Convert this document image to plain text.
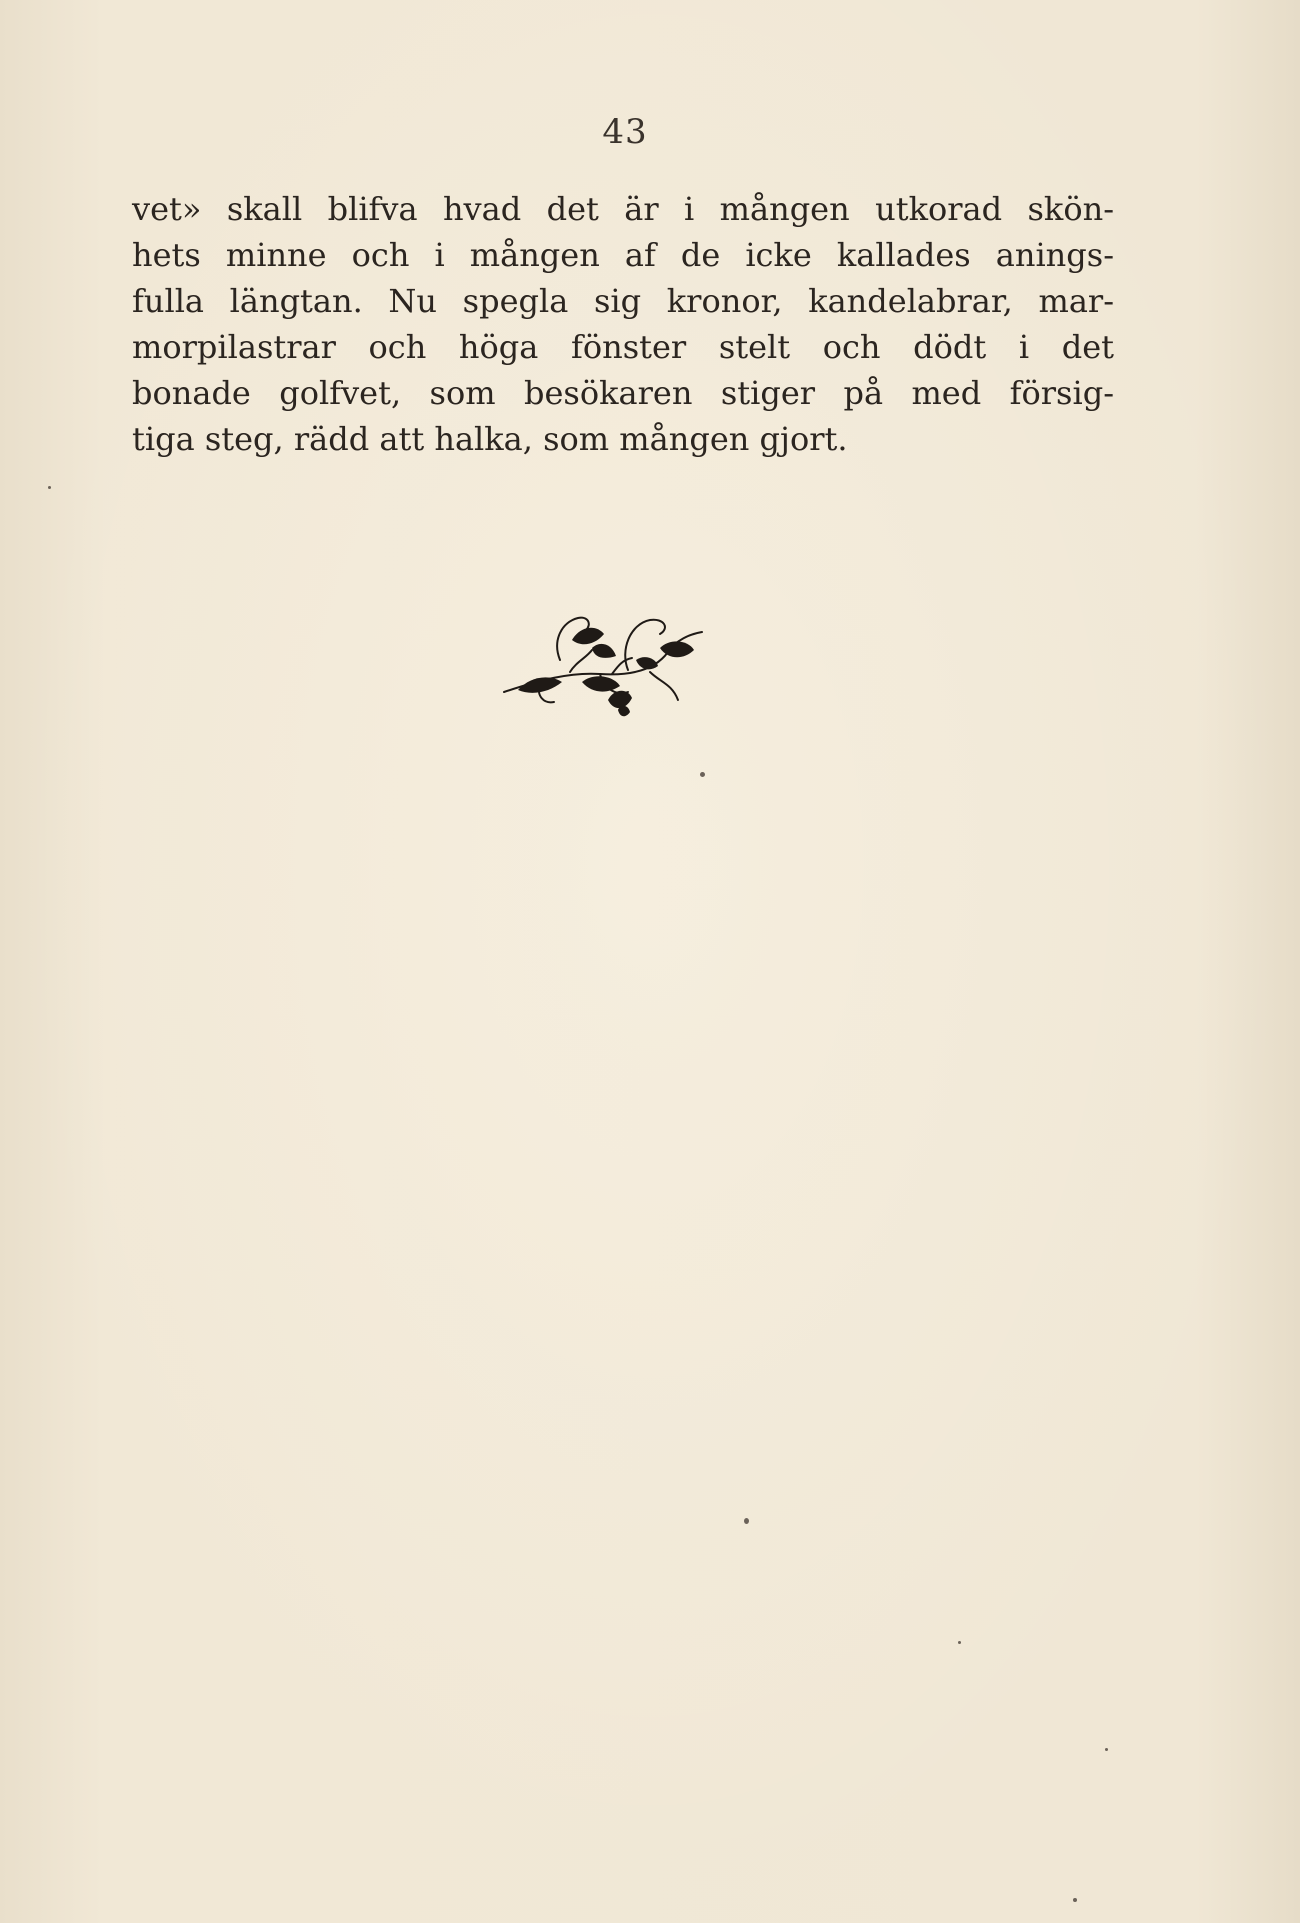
43
vet» skall blifva hvad det är i mången utkorad skön-
hets minne och i mången af de icke kallades anings-
fulla längtan. Nu spegla sig kronor, kandelabrar, mar-
morpilastrar och höga fönster stelt och dödt i det
bonade golfvet, som besökaren stiger på med försig-
tiga steg, rädd att halka, som mången gjort.
